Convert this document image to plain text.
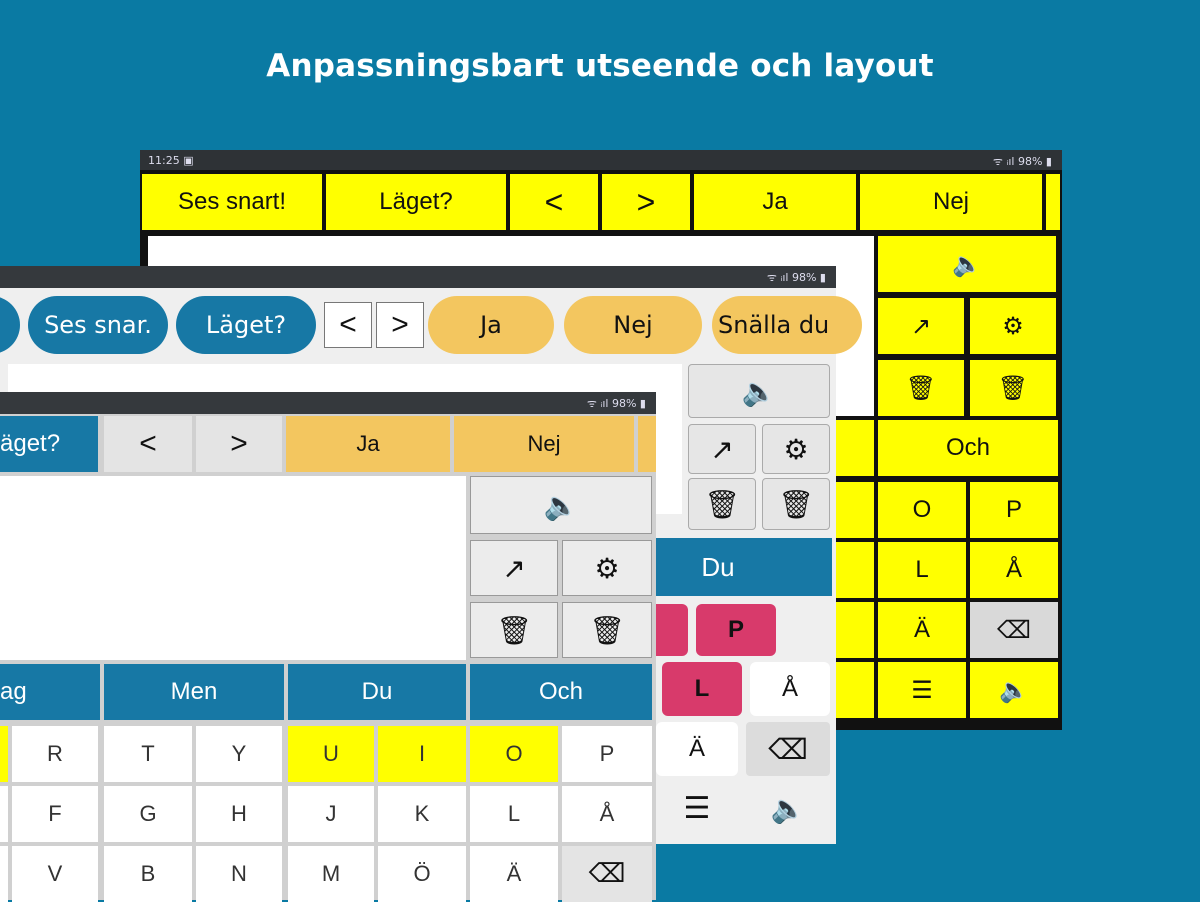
Anpassningsbart utseende och layout
11:25 ▣	ᯤ ᵢıl 98% ▮
Ses snart!	Läget?	<	>	Ja	Nej
🔈
↗	⚙
🗑	🗑
Och
O	P
L	Å
Ä	⌫
☰	🔈
ᯤ ᵢıl 98% ▮
Ses snar.	Läget?	<	>	Ja	Nej	Snälla du
🔈
↗	⚙
🗑	🗑
Du
P
L	Å
Ä	⌫
☰	🔈
ᯤ ᵢıl 98% ▮
äget?	<	>	Ja	Nej
🔈
↗	⚙
🗑	🗑
ag	Men	Du	Och
R	T	Y	U	I	O	P
F	G	H	J	K	L	Å
V	B	N	M	Ö	Ä	⌫
